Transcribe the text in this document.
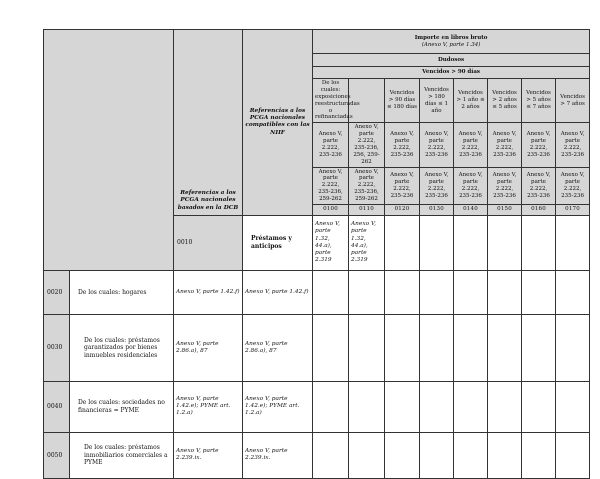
		Referencias a los PCGA nacionales basados en la DCB	Referencias a los PCGA nacionales compatibles con las NIIF	Importe en libros bruto
(Anexo V, parte 1.34)								

				Dudosos								
				Vencidos > 90 días								
				De los cuales: exposiciones reestructuradas o refinanciadas		Vencidos > 90 días ≤ 180 días	Vencidos > 180 días ≤ 1 año	Vencidos > 1 año ≤ 2 años	Vencidos > 2 años ≤ 5 años	Vencidos > 5 años ≤ 7 años	Vencidos > 7 años	
				Anexo V, parte 2.222, 235-236	Anexo V, parte 2.222, 235-236, 256, 259-262	Anexo V, parte 2.222, 235-236	Anexo V, parte 2.222, 235-236	Anexo V, parte 2.222, 235-236	Anexo V, parte 2.222, 235-236	Anexo V, parte 2.222, 235-236	Anexo V, parte 2.222, 235-236	
				Anexo V, parte 2.222, 235-236, 259-262	Anexo V, parte 2.222, 235-236, 259-262	Anexo V, parte 2.222, 235-236	Anexo V, parte 2.222, 235-236	Anexo V, parte 2.222, 235-236	Anexo V, parte 2.222, 235-236	Anexo V, parte 2.222, 235-236	Anexo V, parte 2.222, 235-236	
				0100	0110	0120	0130	0140	0150	0160	0170	
		0010	Préstamos y anticipos	Anexo V, parte 1.32, 44.a), parte 2.319	Anexo V, parte 1.32, 44.a), parte 2.319								
0020	De los cuales: hogares	Anexo V, parte 1.42.f)	Anexo V, parte 1.42.f)									
0030	De los cuales: préstamos garantizados por bienes inmuebles residenciales	Anexo V, parte 2.86.a), 87	Anexo V, parte 2.86.a), 87									
0040	De los cuales: sociedades no financieras = PYME	Anexo V, parte 1.42.e); PYME art. 1.2.a)	Anexo V, parte 1.42.e); PYME art. 1.2.a)									
0050	De los cuales: préstamos inmobiliarios comerciales a PYME	Anexo V, parte 2.239.ix.	Anexo V, parte 2.239.ix.									
